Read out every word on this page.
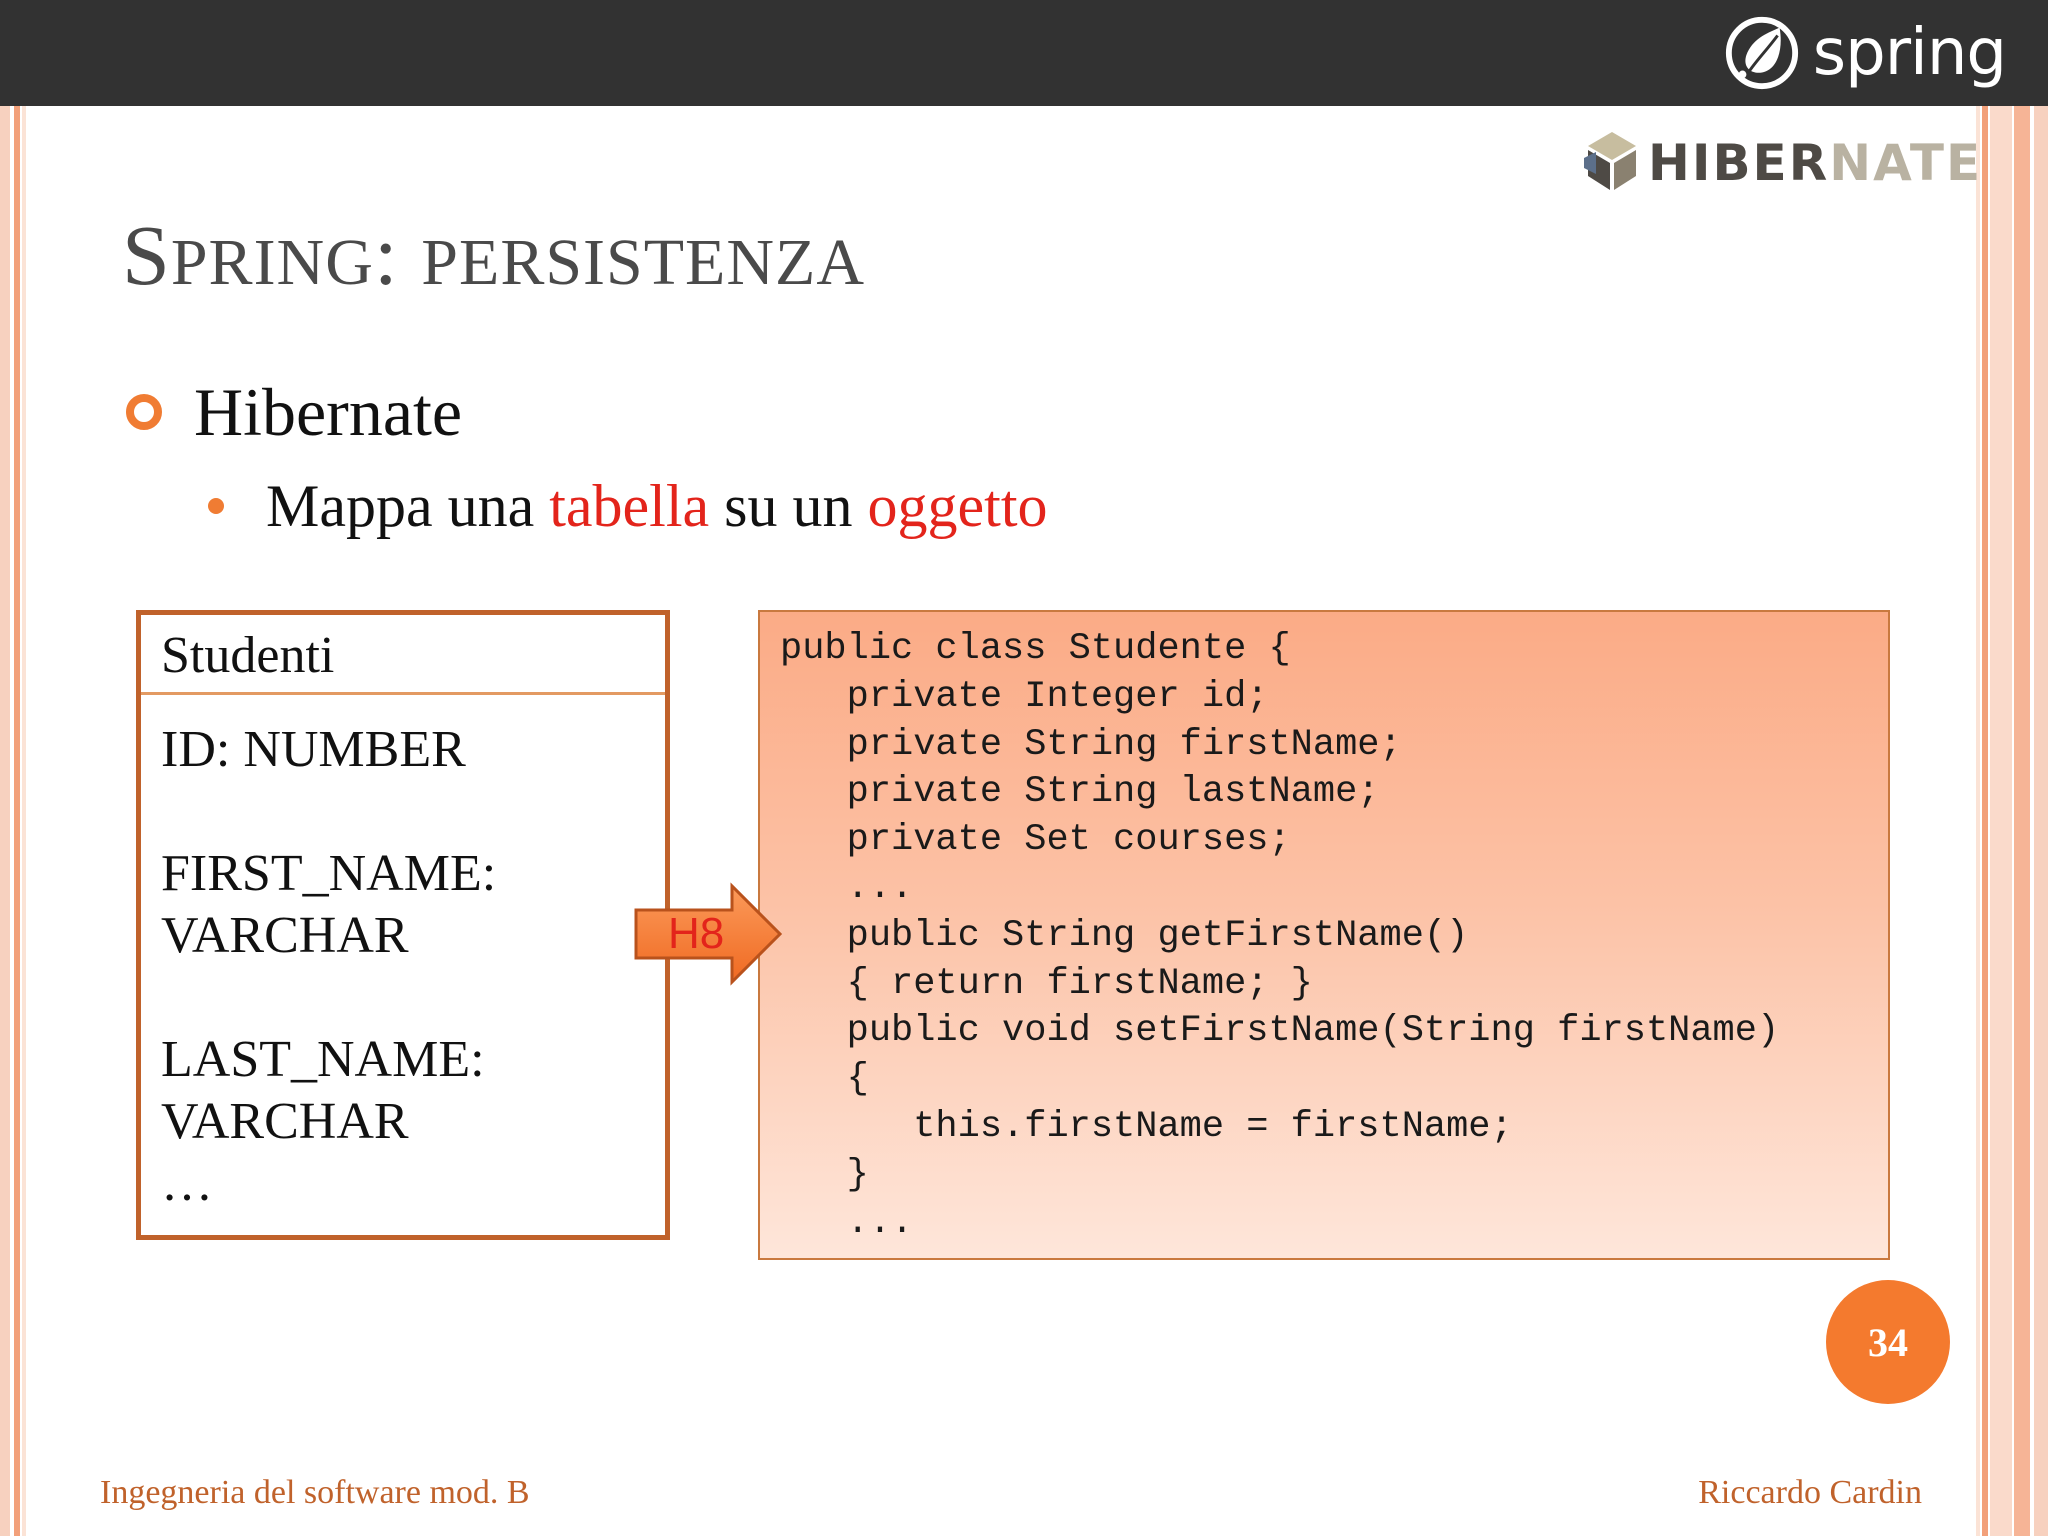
spring
HIBERNATE
SPRING: PERSISTENZA
Hibernate
Mappa una tabella su un oggetto
Studenti
ID: NUMBER
FIRST_NAME:
VARCHAR
LAST_NAME:
VARCHAR
…
public class Studente {
private Integer id;
private String firstName;
private String lastName;
private Set courses;
...
public String getFirstName()
{ return firstName; }
public void setFirstName(String firstName)
{
this.firstName = firstName;
}
...
H8
34
Ingegneria del software mod. B	Riccardo Cardin
